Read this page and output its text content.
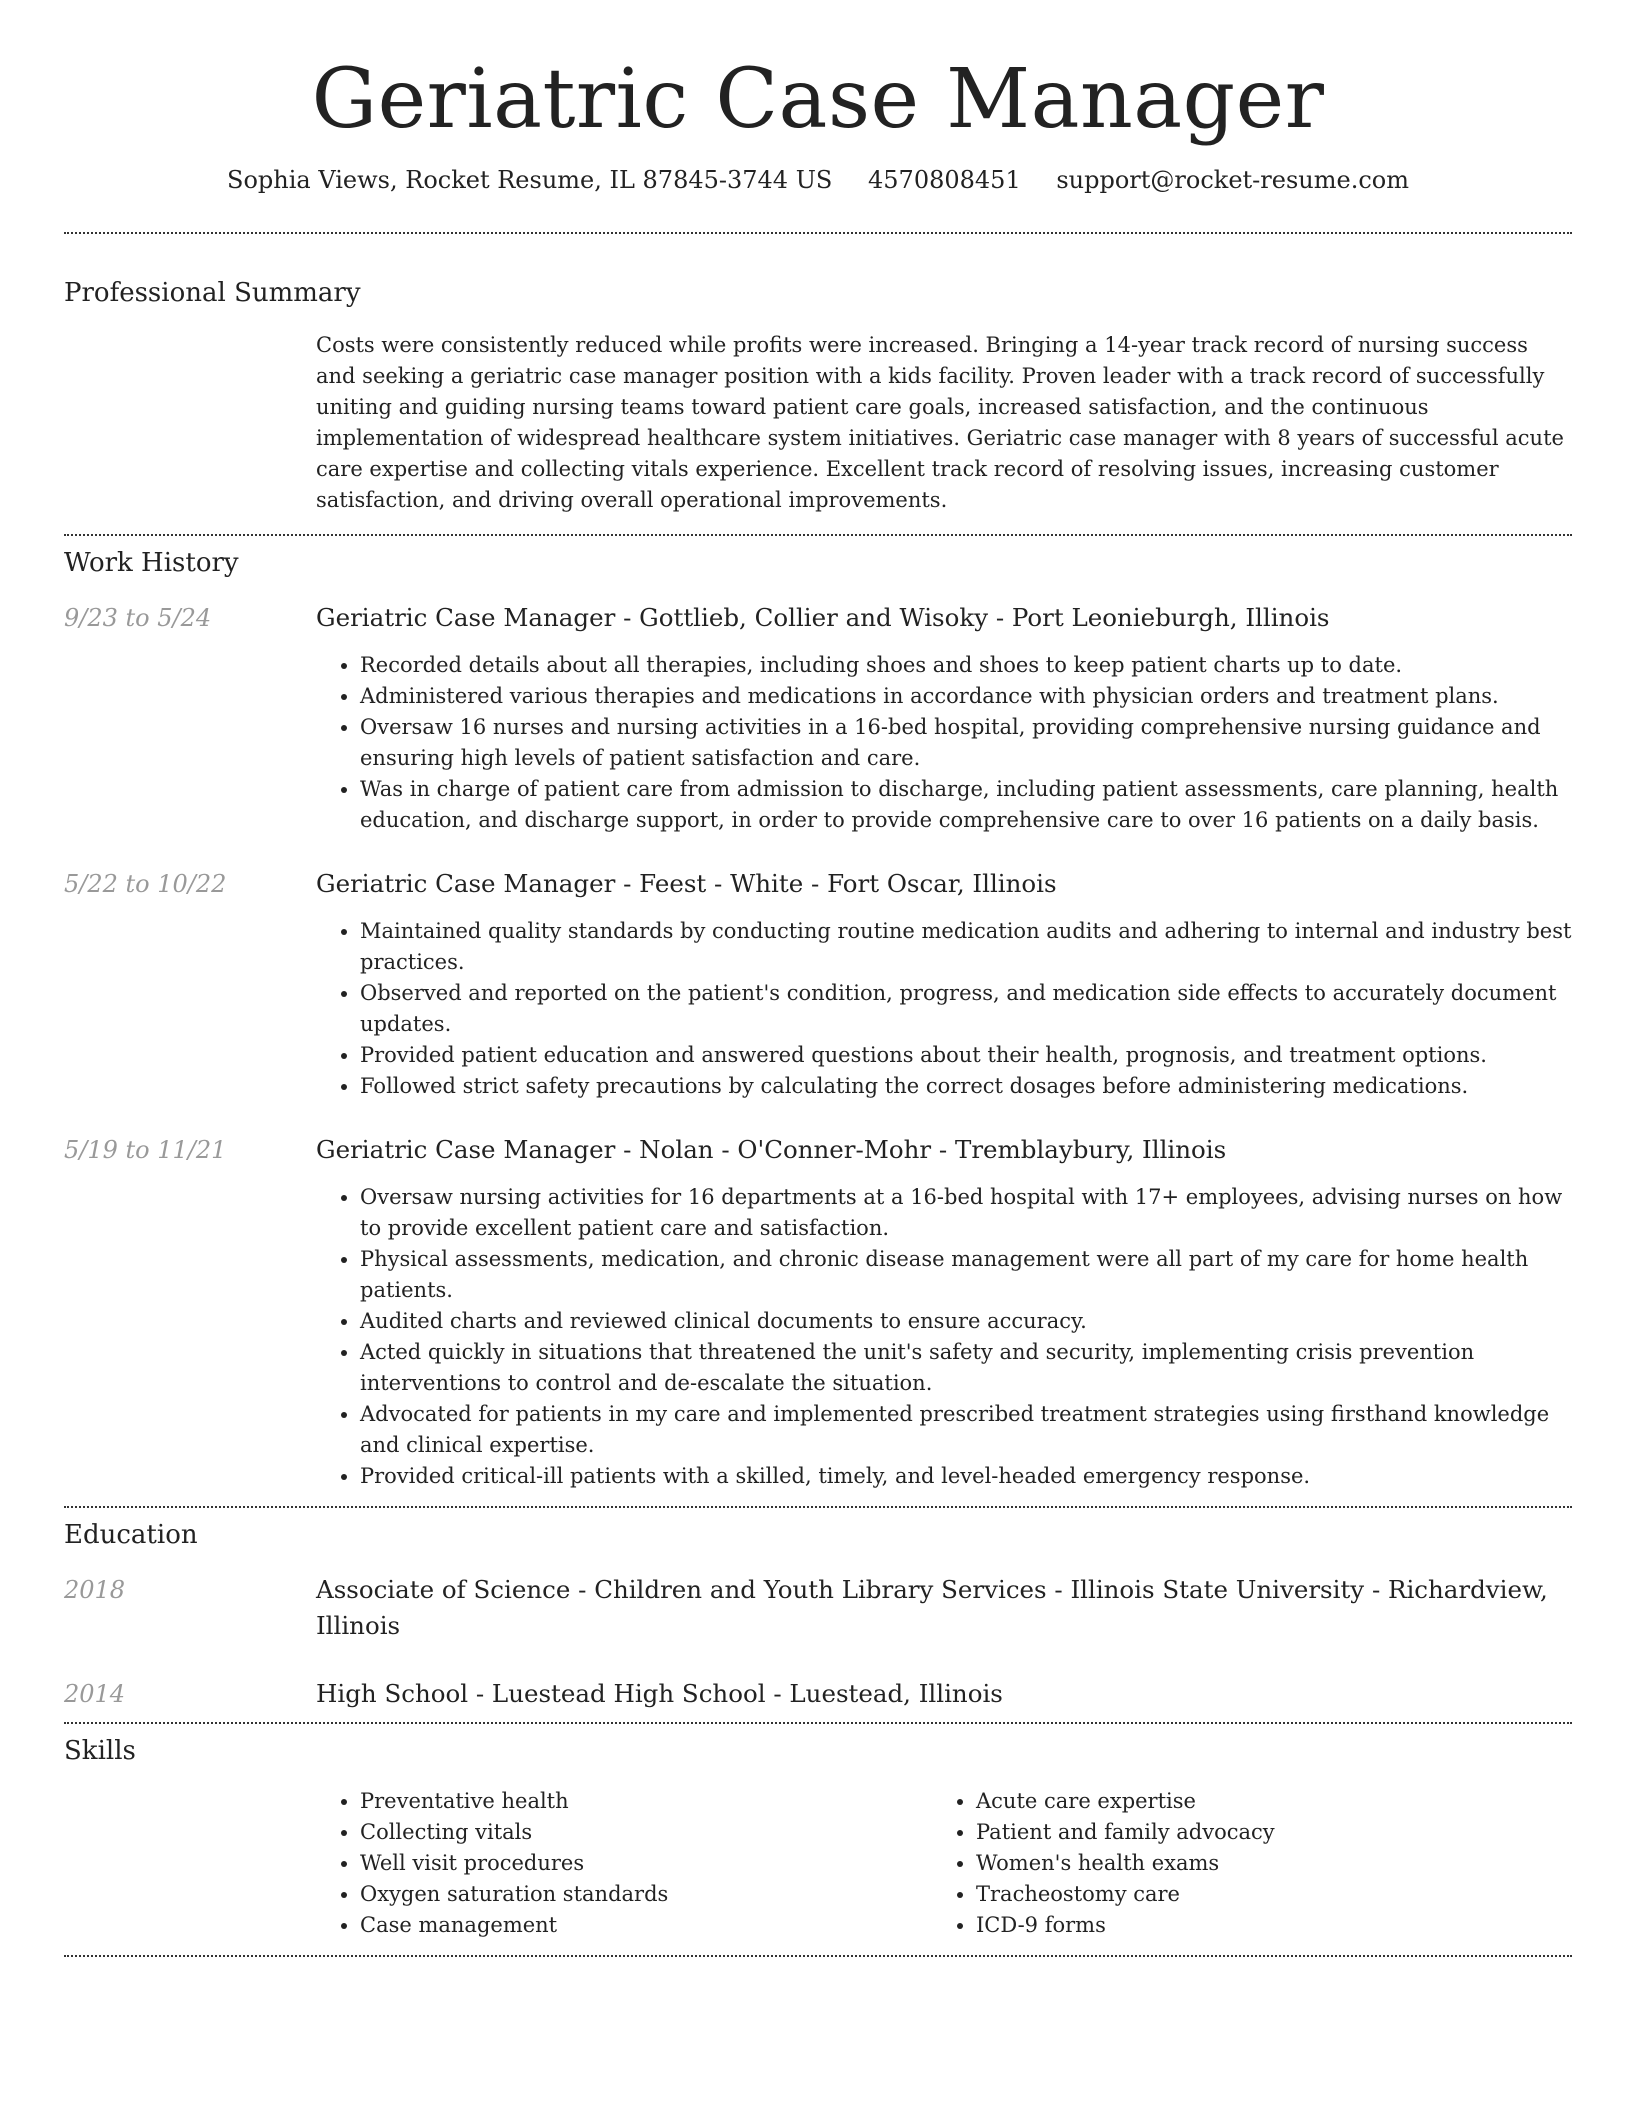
Geriatric Case Manager
Sophia Views, Rocket Resume, IL 87845-3744 US 4570808451 support@rocket-resume.com
Professional Summary

Costs were consistently reduced while profits were increased. Bringing a 14-year track record of nursing success and seeking a geriatric case manager position with a kids facility. Proven leader with a track record of successfully uniting and guiding nursing teams toward patient care goals, increased satisfaction, and the continuous implementation of widespread healthcare system initiatives. Geriatric case manager with 8 years of successful acute care expertise and collecting vitals experience. Excellent track record of resolving issues, increasing customer satisfaction, and driving overall operational improvements.

Work History
9/23 to 5/24	Geriatric Case Manager - Gottlieb, Collier and Wisoky - Port Leonieburgh, Illinois

• Recorded details about all therapies, including shoes and shoes to keep patient charts up to date.
• Administered various therapies and medications in accordance with physician orders and treatment plans.
• Oversaw 16 nurses and nursing activities in a 16-bed hospital, providing comprehensive nursing guidance and ensuring high levels of patient satisfaction and care.
• Was in charge of patient care from admission to discharge, including patient assessments, care planning, health education, and discharge support, in order to provide comprehensive care to over 16 patients on a daily basis.
5/22 to 10/22	Geriatric Case Manager - Feest - White - Fort Oscar, Illinois

• Maintained quality standards by conducting routine medication audits and adhering to internal and industry best practices.
• Observed and reported on the patient's condition, progress, and medication side effects to accurately document updates.
• Provided patient education and answered questions about their health, prognosis, and treatment options.
• Followed strict safety precautions by calculating the correct dosages before administering medications.
5/19 to 11/21	Geriatric Case Manager - Nolan - O'Conner-Mohr - Tremblaybury, Illinois

• Oversaw nursing activities for 16 departments at a 16-bed hospital with 17+ employees, advising nurses on how to provide excellent patient care and satisfaction.
• Physical assessments, medication, and chronic disease management were all part of my care for home health patients.
• Audited charts and reviewed clinical documents to ensure accuracy.
• Acted quickly in situations that threatened the unit's safety and security, implementing crisis prevention interventions to control and de-escalate the situation.
• Advocated for patients in my care and implemented prescribed treatment strategies using firsthand knowledge and clinical expertise.
• Provided critical-ill patients with a skilled, timely, and level-headed emergency response.
Education
2018	Associate of Science - Children and Youth Library Services - Illinois State University - Richardview, Illinois

2014	High School - Luestead High School - Luestead, Illinois

Skills
• Preventative health
• Collecting vitals
• Well visit procedures
• Oxygen saturation standards
• Case management
• Acute care expertise
• Patient and family advocacy
• Women's health exams
• Tracheostomy care
• ICD-9 forms
